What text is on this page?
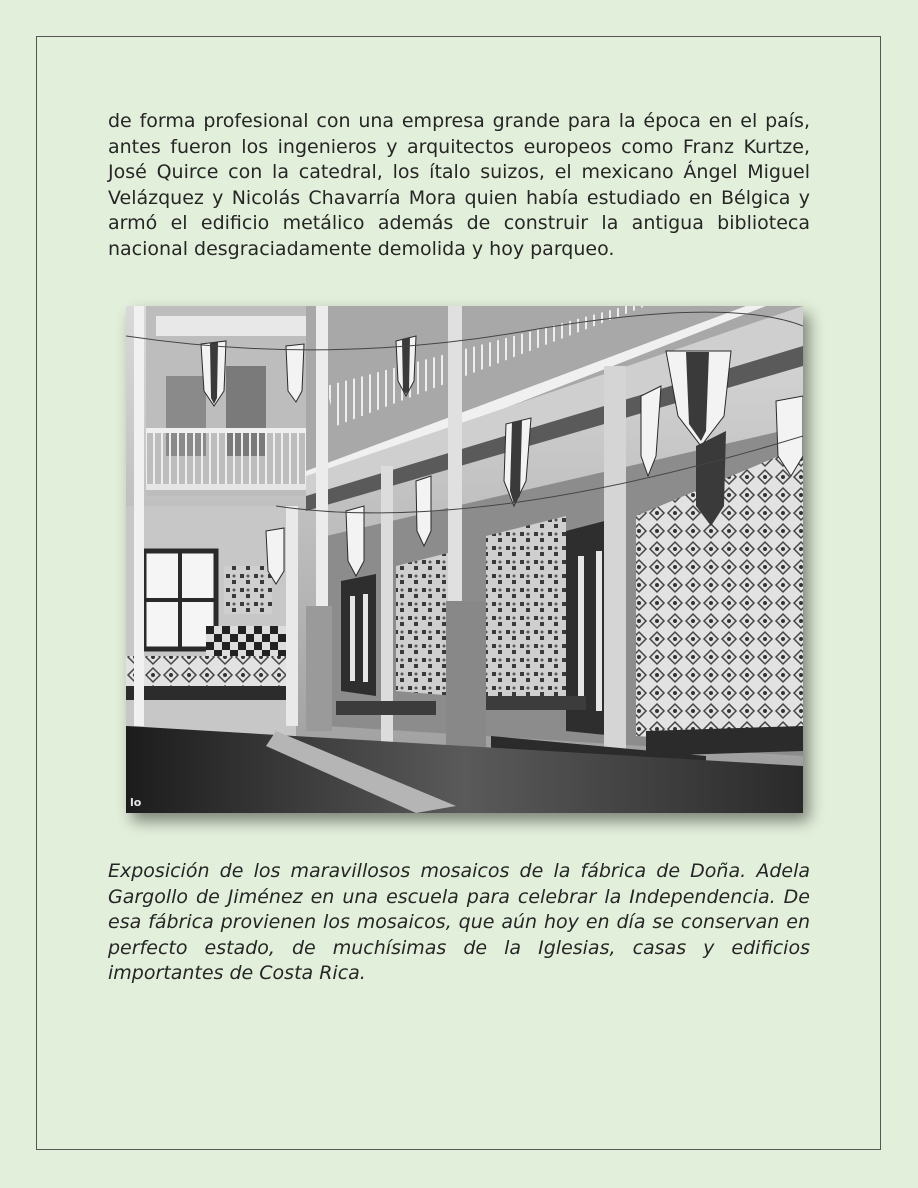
de forma profesional con una empresa grande para la época en el país, antes fueron los ingenieros y arquitectos europeos como Franz Kurtze, José Quirce con la catedral, los ítalo suizos, el mexicano Ángel Miguel Velázquez y Nicolás Chavarría Mora quien había estudiado en Bélgica y armó el edificio metálico además de construir la antigua biblioteca nacional desgraciadamente demolida y hoy parqueo.

lo

Exposición de los maravillosos mosaicos de la fábrica de Doña. Adela Gargollo de Jiménez en una escuela para celebrar la Independencia. De esa fábrica provienen los mosaicos, que aún hoy en día se conservan en perfecto estado, de muchísimas de la Iglesias, casas y edificios importantes de Costa Rica.
